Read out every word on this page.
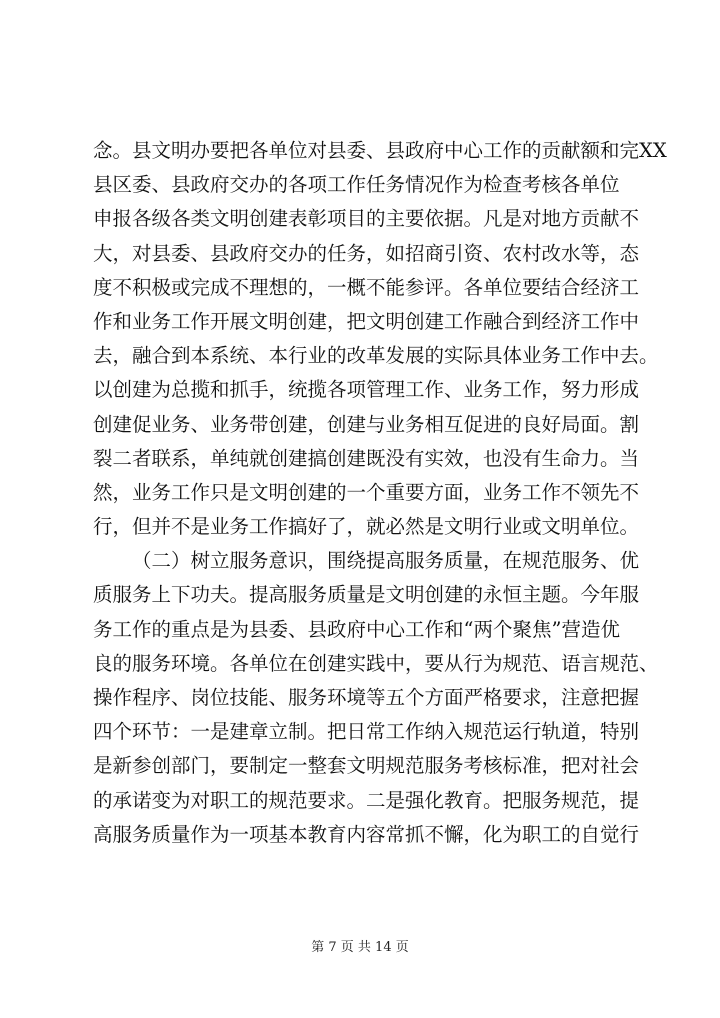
念。县文明办要把各单位对县委、县政府中心工作的贡献额和完XX
县区委、县政府交办的各项工作任务情况作为检查考核各单位
申报各级各类文明创建表彰项目的主要依据。凡是对地方贡献不
大，对县委、县政府交办的任务，如招商引资、农村改水等，态
度不积极或完成不理想的，一概不能参评。各单位要结合经济工
作和业务工作开展文明创建，把文明创建工作融合到经济工作中
去，融合到本系统、本行业的改革发展的实际具体业务工作中去。
以创建为总揽和抓手，统揽各项管理工作、业务工作，努力形成
创建促业务、业务带创建，创建与业务相互促进的良好局面。割
裂二者联系，单纯就创建搞创建既没有实效，也没有生命力。当
然，业务工作只是文明创建的一个重要方面，业务工作不领先不
行，但并不是业务工作搞好了，就必然是文明行业或文明单位。
（二）树立服务意识，围绕提高服务质量，在规范服务、优
质服务上下功夫。提高服务质量是文明创建的永恒主题。今年服
务工作的重点是为县委、县政府中心工作和“两个聚焦”营造优
良的服务环境。各单位在创建实践中，要从行为规范、语言规范、
操作程序、岗位技能、服务环境等五个方面严格要求，注意把握
四个环节：一是建章立制。把日常工作纳入规范运行轨道，特别
是新参创部门，要制定一整套文明规范服务考核标准，把对社会
的承诺变为对职工的规范要求。二是强化教育。把服务规范，提
高服务质量作为一项基本教育内容常抓不懈，化为职工的自觉行
第 7 页 共 14 页
